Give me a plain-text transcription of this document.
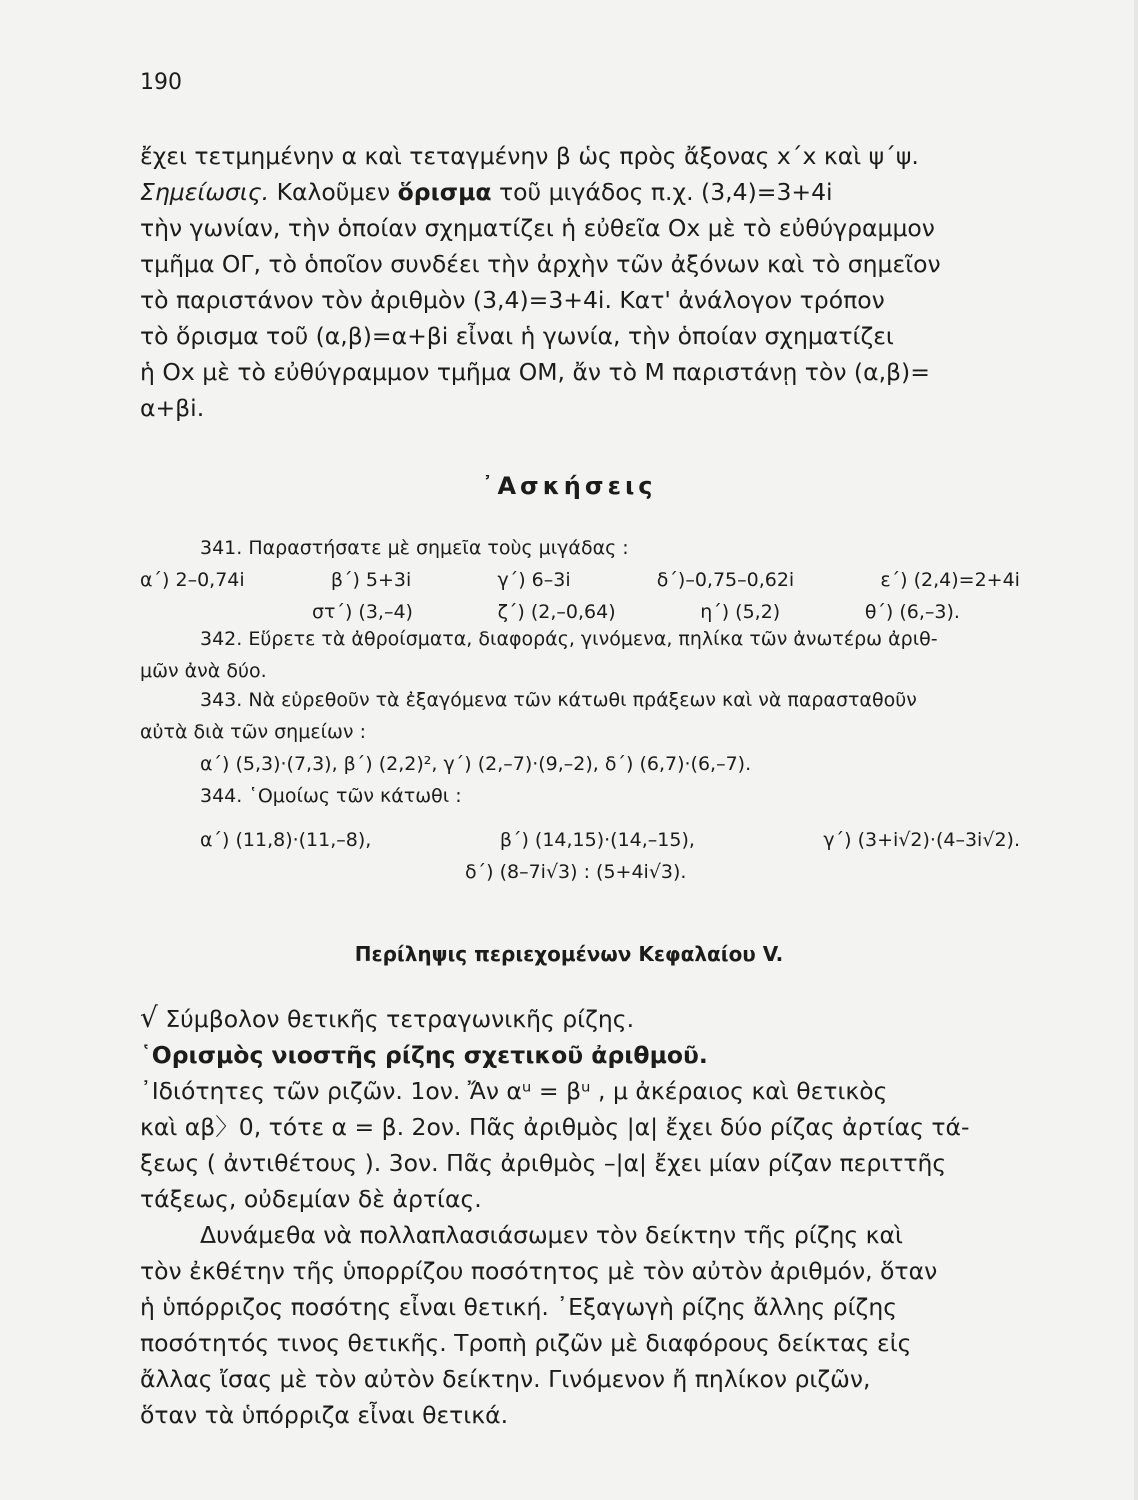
190
ἔχει τετμημένην α καὶ τεταγμένην β ὡς πρὸς ἄξονας x΄x καὶ ψ΄ψ.
Σημείωσις. Καλοῦμεν ὅρισμα τοῦ μιγάδος π.χ. (3,4)=3+4i
τὴν γωνίαν, τὴν ὁποίαν σχηματίζει ἡ εὐθεῖα Οx μὲ τὸ εὐθύγραμμον
τμῆμα ΟΓ, τὸ ὁποῖον συνδέει τὴν ἀρχὴν τῶν ἀξόνων καὶ τὸ σημεῖον
τὸ παριστάνον τὸν ἀριθμὸν (3,4)=3+4i. Κατ' ἀνάλογον τρόπον
τὸ ὅρισμα τοῦ (α,β)=α+βi εἶναι ἡ γωνία, τὴν ὁποίαν σχηματίζει
ἡ Οx μὲ τὸ εὐθύγραμμον τμῆμα ΟΜ, ἄν τὸ Μ παριστάνῃ τὸν (α,β)=
α+βi.
᾿Ασκήσεις
341. Παραστήσατε μὲ σημεῖα τοὺς μιγάδας :
α΄) 2–0,74i	β΄) 5+3i	γ΄) 6–3i	δ΄)–0,75–0,62i	ε΄) (2,4)=2+4i
στ΄) (3,–4)	ζ΄) (2,–0,64)	η΄) (5,2)	θ΄) (6,–3).
342. Εὕρετε τὰ ἀθροίσματα, διαφοράς, γινόμενα, πηλίκα τῶν ἀνωτέρω ἀριθ-
μῶν ἀνὰ δύο.
343. Νὰ εὑρεθοῦν τὰ ἐξαγόμενα τῶν κάτωθι πράξεων καὶ νὰ παρασταθοῦν
αὐτὰ διὰ τῶν σημείων :
α΄) (5,3)·(7,3), β΄) (2,2)², γ΄) (2,–7)·(9,–2), δ΄) (6,7)·(6,–7).
344. ῾Ομοίως τῶν κάτωθι :
α΄) (11,8)·(11,–8),	β΄) (14,15)·(14,–15),	γ΄) (3+i√2)·(4–3i√2).
δ΄) (8–7i√3) : (5+4i√3).
Περίληψις περιεχομένων Κεφαλαίου V.
√ Σύμβολον θετικῆς τετραγωνικῆς ρίζης.
῾Ορισμὸς νιοστῆς ρίζης σχετικοῦ ἀριθμοῦ.
᾿Ιδιότητες τῶν ριζῶν. 1ον. Ἄν αᵘ = βᵘ , μ ἀκέραιος καὶ θετικὸς
καὶ αβ〉0, τότε α = β. 2ον. Πᾶς ἀριθμὸς |α| ἔχει δύο ρίζας ἀρτίας τά-
ξεως ( ἀντιθέτους ). 3ον. Πᾶς ἀριθμὸς –|α| ἔχει μίαν ρίζαν περιττῆς
τάξεως, οὐδεμίαν δὲ ἀρτίας.
Δυνάμεθα νὰ πολλαπλασιάσωμεν τὸν δείκτην τῆς ρίζης καὶ
τὸν ἐκθέτην τῆς ὑπορρίζου ποσότητος μὲ τὸν αὐτὸν ἀριθμόν, ὅταν
ἡ ὑπόρριζος ποσότης εἶναι θετική. ᾿Εξαγωγὴ ρίζης ἄλλης ρίζης
ποσότητός τινος θετικῆς. Τροπὴ ριζῶν μὲ διαφόρους δείκτας εἰς
ἄλλας ἴσας μὲ τὸν αὐτὸν δείκτην. Γινόμενον ἤ πηλίκον ριζῶν,
ὅταν τὰ ὑπόρριζα εἶναι θετικά.
